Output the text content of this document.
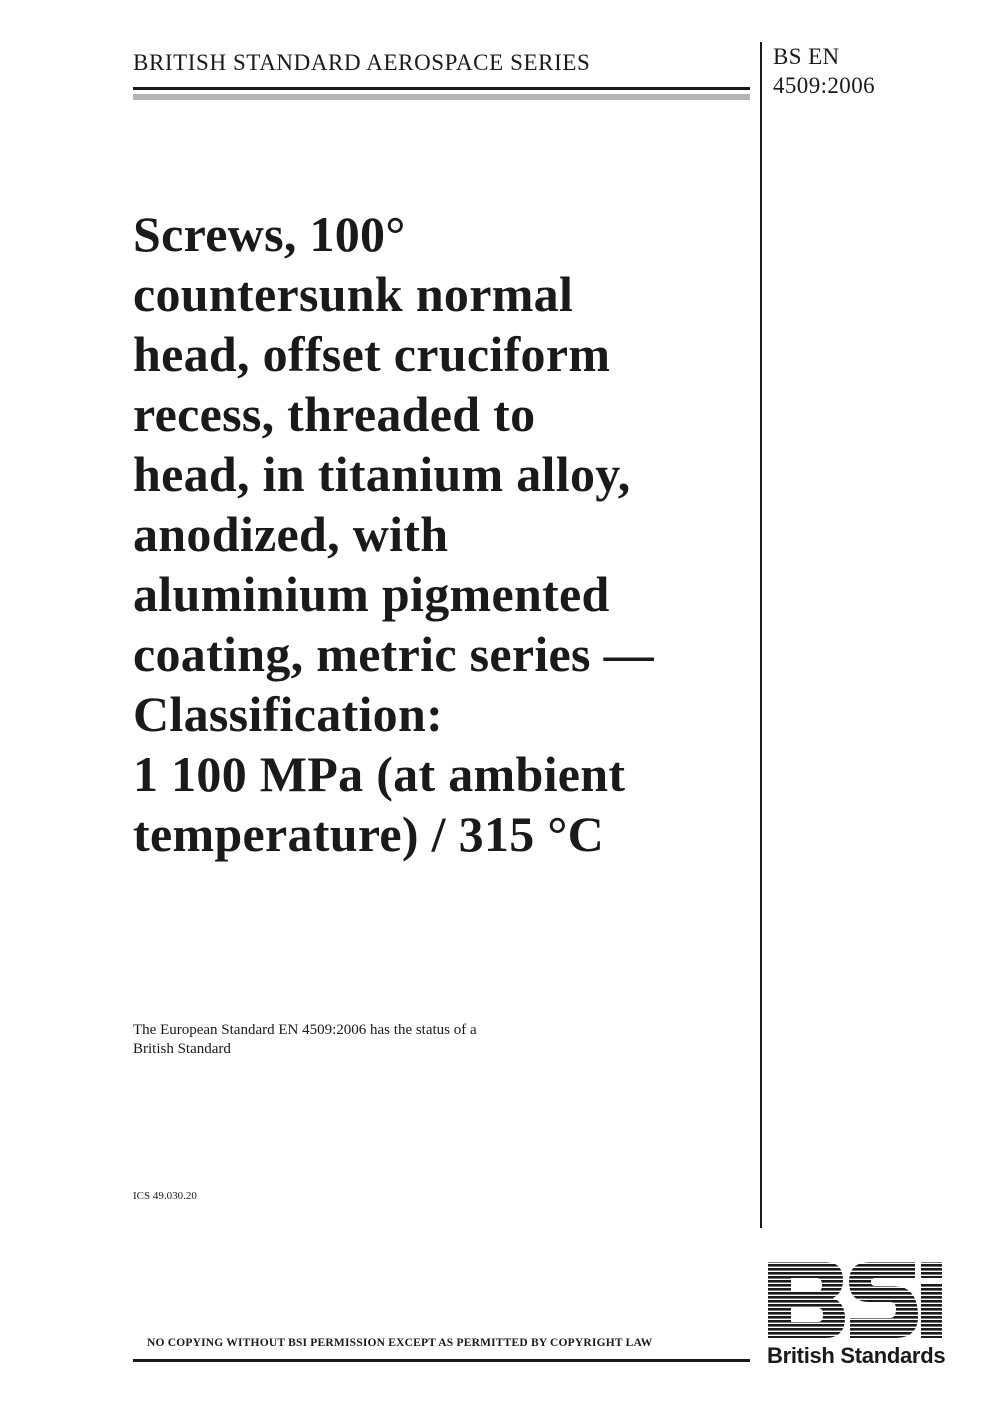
BRITISH STANDARD AEROSPACE SERIES	BS EN
4509:2006
Screws, 100°
countersunk normal
head, offset cruciform
recess, threaded to
head, in titanium alloy,
anodized, with
aluminium pigmented
coating, metric series —
Classification:
1 100 MPa (at ambient
temperature) / 315 °C
The European Standard EN 4509:2006 has the status of a
British Standard
ICS 49.030.20
NO COPYING WITHOUT BSI PERMISSION EXCEPT AS PERMITTED BY COPYRIGHT LAW	British Standards
